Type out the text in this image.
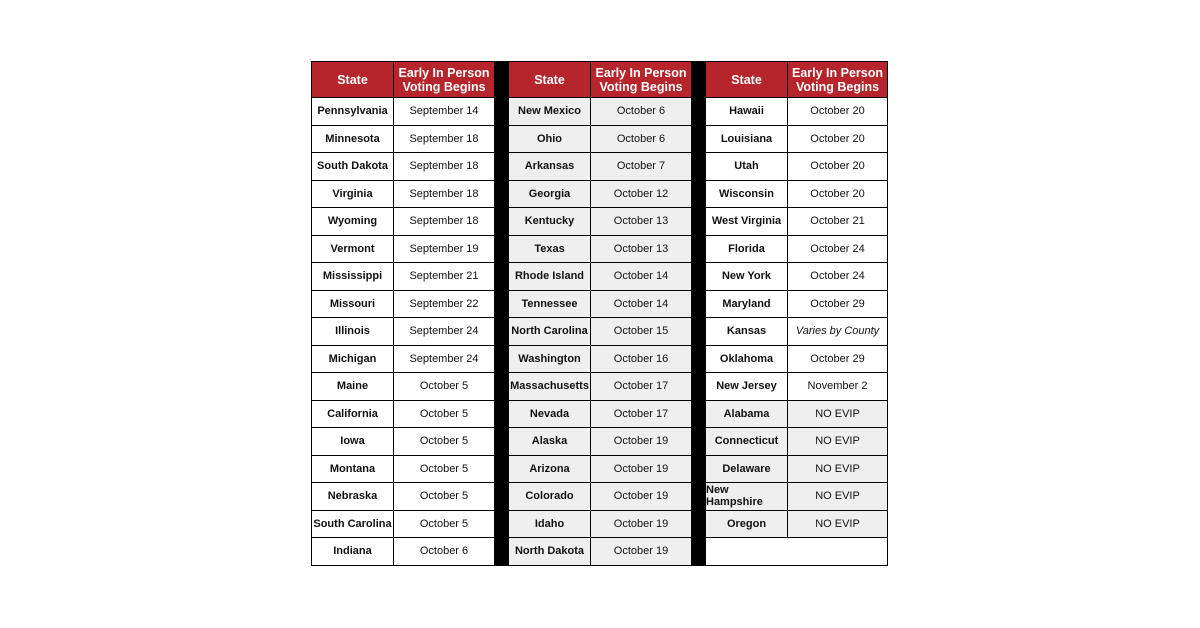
State	Early In Person Voting Begins
Pennsylvania	September 14
Minnesota	September 18
South Dakota	September 18
Virginia	September 18
Wyoming	September 18
Vermont	September 19
Mississippi	September 21
Missouri	September 22
Illinois	September 24
Michigan	September 24
Maine	October 5
California	October 5
Iowa	October 5
Montana	October 5
Nebraska	October 5
South Carolina	October 5
Indiana	October 6
State	Early In Person Voting Begins
New Mexico	October 6
Ohio	October 6
Arkansas	October 7
Georgia	October 12
Kentucky	October 13
Texas	October 13
Rhode Island	October 14
Tennessee	October 14
North Carolina	October 15
Washington	October 16
Massachusetts	October 17
Nevada	October 17
Alaska	October 19
Arizona	October 19
Colorado	October 19
Idaho	October 19
North Dakota	October 19
State	Early In Person Voting Begins
Hawaii	October 20
Louisiana	October 20
Utah	October 20
Wisconsin	October 20
West Virginia	October 21
Florida	October 24
New York	October 24
Maryland	October 29
Kansas	Varies by County
Oklahoma	October 29
New Jersey	November 2
Alabama	NO EVIP
Connecticut	NO EVIP
Delaware	NO EVIP
New Hampshire	NO EVIP
Oregon	NO EVIP
